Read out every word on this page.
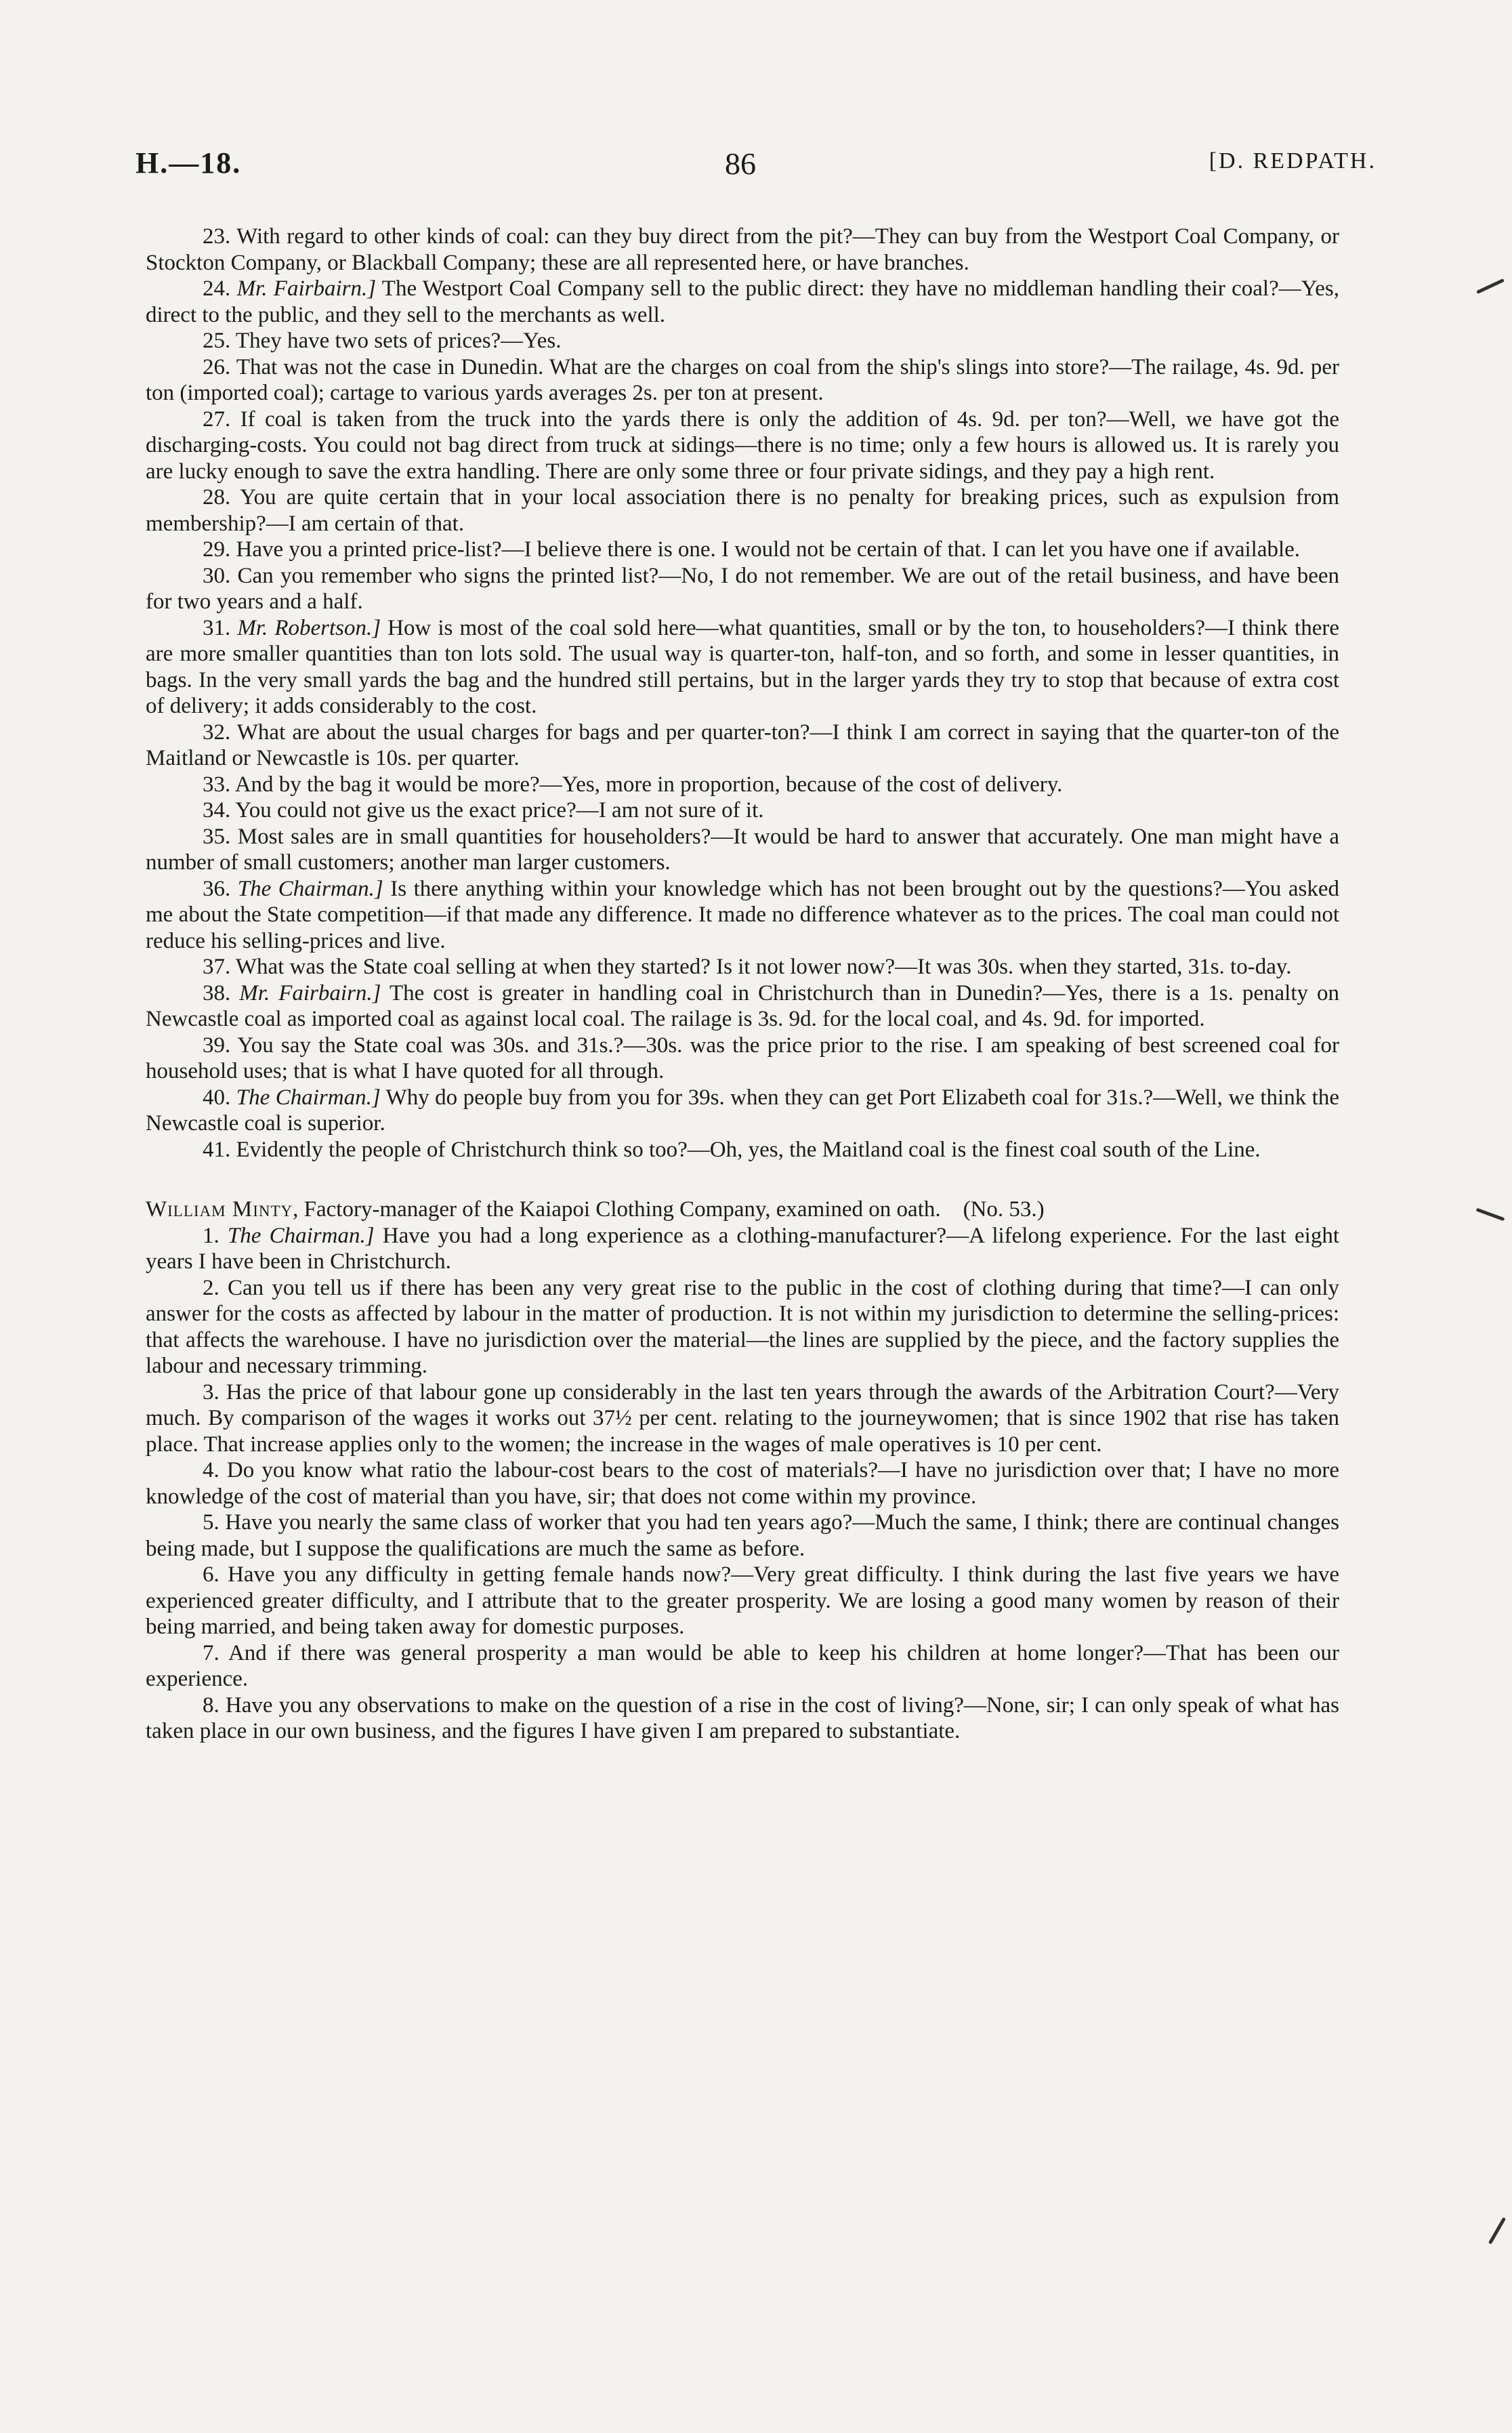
H.—18.	86	[D. REDPATH.

23. With regard to other kinds of coal: can they buy direct from the pit?—They can buy from the Westport Coal Company, or Stockton Company, or Blackball Company; these are all represented here, or have branches.

24. Mr. Fairbairn.] The Westport Coal Company sell to the public direct: they have no middleman handling their coal?—Yes, direct to the public, and they sell to the merchants as well.

25. They have two sets of prices?—Yes.

26. That was not the case in Dunedin. What are the charges on coal from the ship's slings into store?—The railage, 4s. 9d. per ton (imported coal); cartage to various yards averages 2s. per ton at present.

27. If coal is taken from the truck into the yards there is only the addition of 4s. 9d. per ton?—Well, we have got the discharging-costs. You could not bag direct from truck at sidings—there is no time; only a few hours is allowed us. It is rarely you are lucky enough to save the extra handling. There are only some three or four private sidings, and they pay a high rent.

28. You are quite certain that in your local association there is no penalty for breaking prices, such as expulsion from membership?—I am certain of that.

29. Have you a printed price-list?—I believe there is one. I would not be certain of that. I can let you have one if available.

30. Can you remember who signs the printed list?—No, I do not remember. We are out of the retail business, and have been for two years and a half.

31. Mr. Robertson.] How is most of the coal sold here—what quantities, small or by the ton, to householders?—I think there are more smaller quantities than ton lots sold. The usual way is quarter-ton, half-ton, and so forth, and some in lesser quantities, in bags. In the very small yards the bag and the hundred still pertains, but in the larger yards they try to stop that because of extra cost of delivery; it adds considerably to the cost.

32. What are about the usual charges for bags and per quarter-ton?—I think I am correct in saying that the quarter-ton of the Maitland or Newcastle is 10s. per quarter.

33. And by the bag it would be more?—Yes, more in proportion, because of the cost of delivery.

34. You could not give us the exact price?—I am not sure of it.

35. Most sales are in small quantities for householders?—It would be hard to answer that accurately. One man might have a number of small customers; another man larger customers.

36. The Chairman.] Is there anything within your knowledge which has not been brought out by the questions?—You asked me about the State competition—if that made any difference. It made no difference whatever as to the prices. The coal man could not reduce his selling-prices and live.

37. What was the State coal selling at when they started? Is it not lower now?—It was 30s. when they started, 31s. to-day.

38. Mr. Fairbairn.] The cost is greater in handling coal in Christchurch than in Dunedin?—Yes, there is a 1s. penalty on Newcastle coal as imported coal as against local coal. The railage is 3s. 9d. for the local coal, and 4s. 9d. for imported.

39. You say the State coal was 30s. and 31s.?—30s. was the price prior to the rise. I am speaking of best screened coal for household uses; that is what I have quoted for all through.

40. The Chairman.] Why do people buy from you for 39s. when they can get Port Elizabeth coal for 31s.?—Well, we think the Newcastle coal is superior.

41. Evidently the people of Christchurch think so too?—Oh, yes, the Maitland coal is the finest coal south of the Line.

William Minty, Factory-manager of the Kaiapoi Clothing Company, examined on oath. (No. 53.)

1. The Chairman.] Have you had a long experience as a clothing-manufacturer?—A lifelong experience. For the last eight years I have been in Christchurch.

2. Can you tell us if there has been any very great rise to the public in the cost of clothing during that time?—I can only answer for the costs as affected by labour in the matter of production. It is not within my jurisdiction to determine the selling-prices: that affects the warehouse. I have no jurisdiction over the material—the lines are supplied by the piece, and the factory supplies the labour and necessary trimming.

3. Has the price of that labour gone up considerably in the last ten years through the awards of the Arbitration Court?—Very much. By comparison of the wages it works out 37½ per cent. relating to the journeywomen; that is since 1902 that rise has taken place. That increase applies only to the women; the increase in the wages of male operatives is 10 per cent.

4. Do you know what ratio the labour-cost bears to the cost of materials?—I have no jurisdiction over that; I have no more knowledge of the cost of material than you have, sir; that does not come within my province.

5. Have you nearly the same class of worker that you had ten years ago?—Much the same, I think; there are continual changes being made, but I suppose the qualifications are much the same as before.

6. Have you any difficulty in getting female hands now?—Very great difficulty. I think during the last five years we have experienced greater difficulty, and I attribute that to the greater prosperity. We are losing a good many women by reason of their being married, and being taken away for domestic purposes.

7. And if there was general prosperity a man would be able to keep his children at home longer?—That has been our experience.

8. Have you any observations to make on the question of a rise in the cost of living?—None, sir; I can only speak of what has taken place in our own business, and the figures I have given I am prepared to substantiate.
